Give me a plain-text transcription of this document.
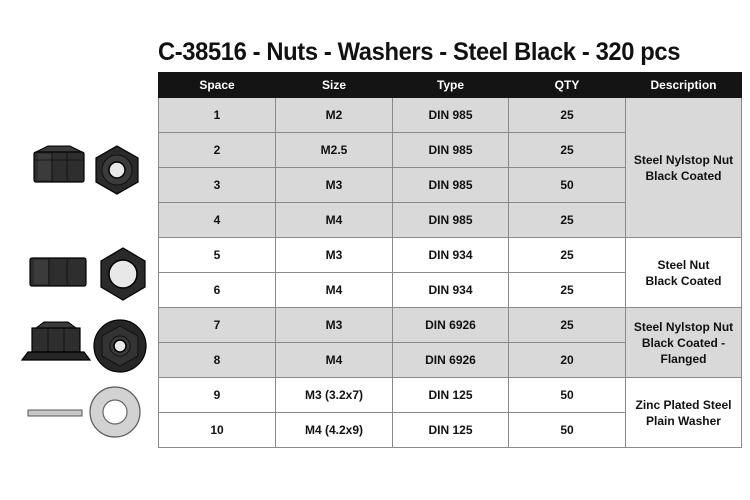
C-38516 - Nuts - Washers - Steel Black - 320 pcs
Space	Size	Type	QTY	Description
1	M2	DIN 985	25	Steel Nylstop Nut
Black Coated
2	M2.5	DIN 985	25	
3	M3	DIN 985	50	
4	M4	DIN 985	25	
5	M3	DIN 934	25	Steel Nut
Black Coated
6	M4	DIN 934	25	
7	M3	DIN 6926	25	Steel Nylstop Nut
Black Coated -
Flanged
8	M4	DIN 6926	20	
9	M3 (3.2x7)	DIN 125	50	Zinc Plated Steel
Plain Washer
10	M4 (4.2x9)	DIN 125	50	
